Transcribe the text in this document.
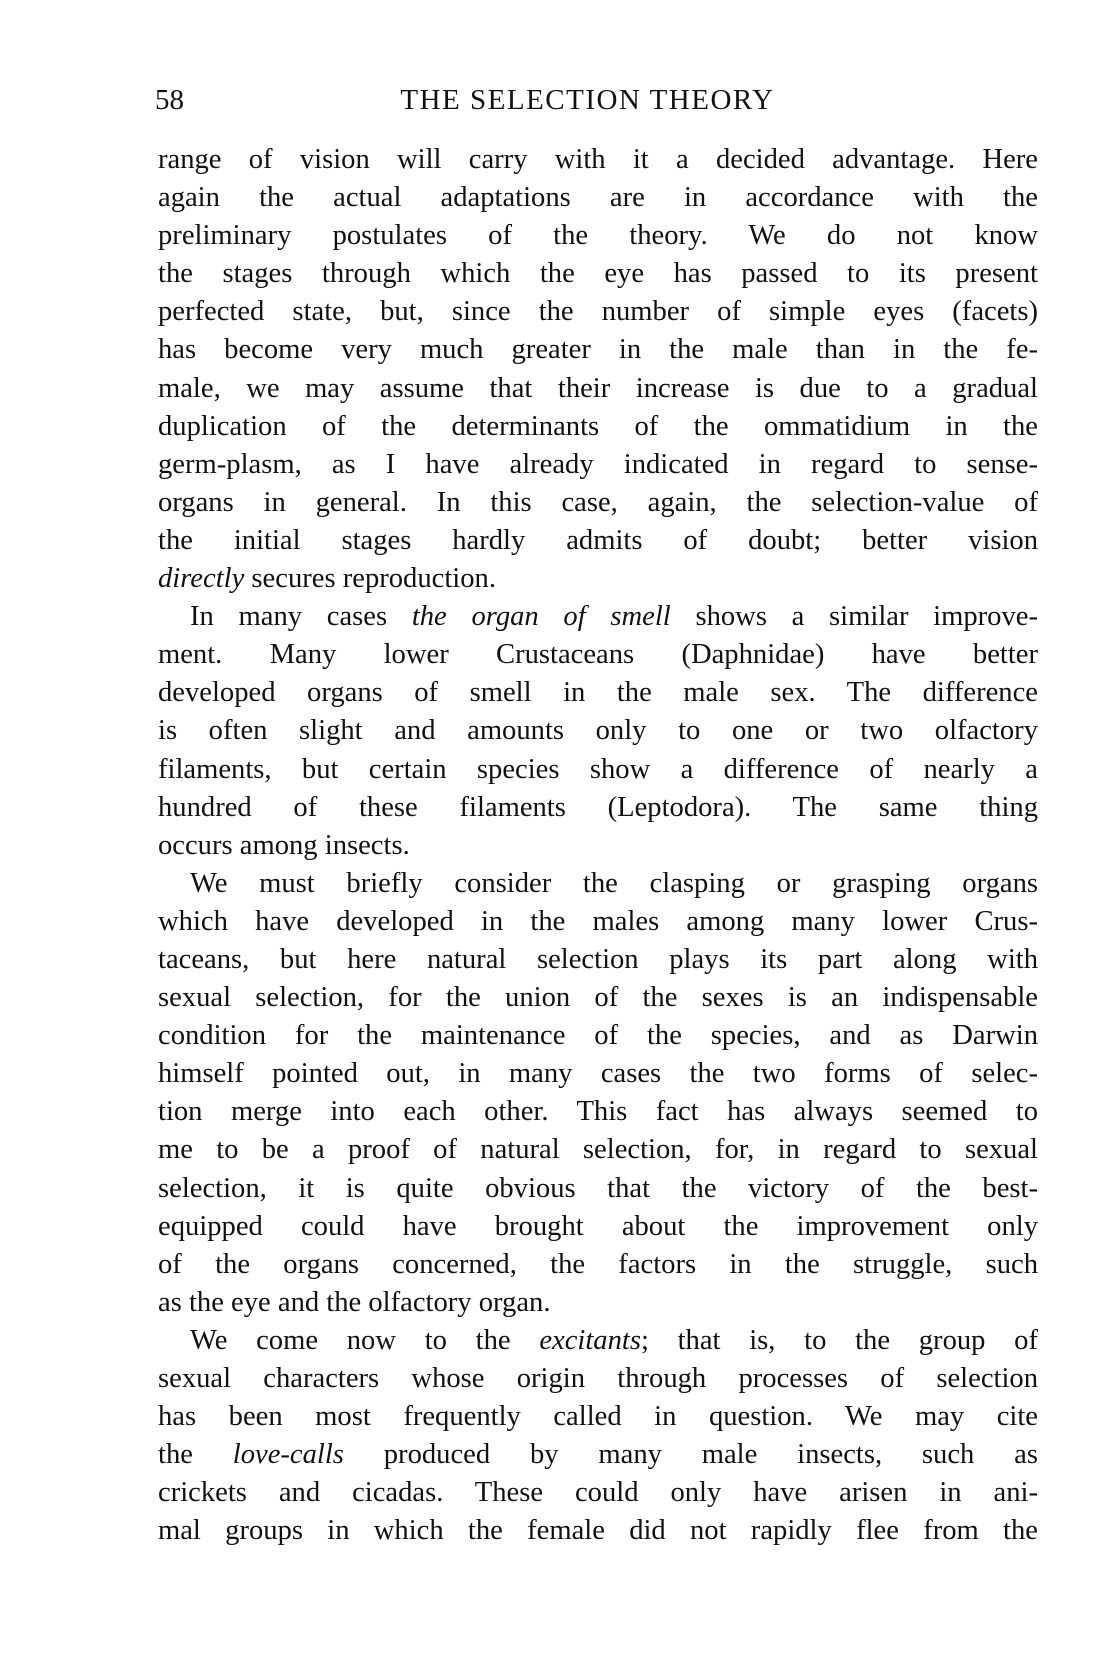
58	THE SELECTION THEORY
range of vision will carry with it a decided advantage. Here
again the actual adaptations are in accordance with the
preliminary postulates of the theory. We do not know
the stages through which the eye has passed to its present
perfected state, but, since the number of simple eyes (facets)
has become very much greater in the male than in the fe-
male, we may assume that their increase is due to a gradual
duplication of the determinants of the ommatidium in the
germ-plasm, as I have already indicated in regard to sense-
organs in general. In this case, again, the selection-value of
the initial stages hardly admits of doubt; better vision
directly secures reproduction.
In many cases the organ of smell shows a similar improve-
ment. Many lower Crustaceans (Daphnidae) have better
developed organs of smell in the male sex. The difference
is often slight and amounts only to one or two olfactory
filaments, but certain species show a difference of nearly a
hundred of these filaments (Leptodora). The same thing
occurs among insects.
We must briefly consider the clasping or grasping organs
which have developed in the males among many lower Crus-
taceans, but here natural selection plays its part along with
sexual selection, for the union of the sexes is an indispensable
condition for the maintenance of the species, and as Darwin
himself pointed out, in many cases the two forms of selec-
tion merge into each other. This fact has always seemed to
me to be a proof of natural selection, for, in regard to sexual
selection, it is quite obvious that the victory of the best-
equipped could have brought about the improvement only
of the organs concerned, the factors in the struggle, such
as the eye and the olfactory organ.
We come now to the excitants; that is, to the group of
sexual characters whose origin through processes of selection
has been most frequently called in question. We may cite
the love-calls produced by many male insects, such as
crickets and cicadas. These could only have arisen in ani-
mal groups in which the female did not rapidly flee from the
